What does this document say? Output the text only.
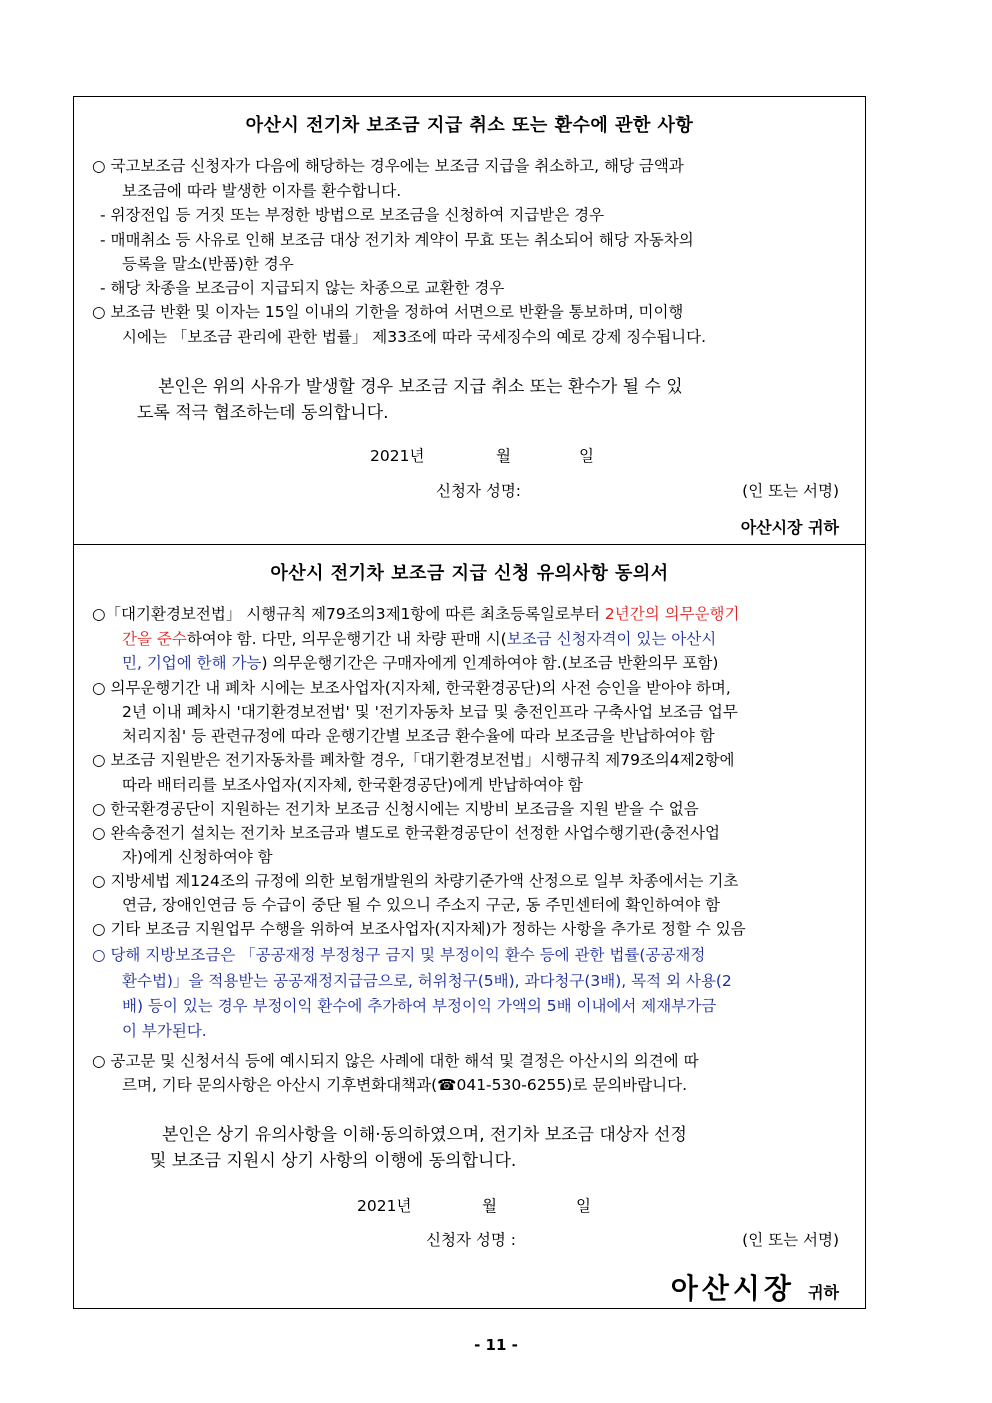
아산시 전기차 보조금 지급 취소 또는 환수에 관한 사항
○ 국고보조금 신청자가 다음에 해당하는 경우에는 보조금 지급을 취소하고, 해당 금액과
보조금에 따라 발생한 이자를 환수합니다.
- 위장전입 등 거짓 또는 부정한 방법으로 보조금을 신청하여 지급받은 경우
- 매매취소 등 사유로 인해 보조금 대상 전기차 계약이 무효 또는 취소되어 해당 자동차의
등록을 말소(반품)한 경우
- 해당 차종을 보조금이 지급되지 않는 차종으로 교환한 경우
○ 보조금 반환 및 이자는 15일 이내의 기한을 정하여 서면으로 반환을 통보하며, 미이행
시에는 「보조금 관리에 관한 법률」 제33조에 따라 국세징수의 예로 강제 징수됩니다.
본인은 위의 사유가 발생할 경우 보조금 지급 취소 또는 환수가 될 수 있
도록 적극 협조하는데 동의합니다.
2021년	월	일
신청자 성명:	(인 또는 서명)
아산시장 귀하
아산시 전기차 보조금 지급 신청 유의사항 동의서
○「대기환경보전법」 시행규칙 제79조의3제1항에 따른 최초등록일로부터 2년간의 의무운행기
간을 준수하여야 함. 다만, 의무운행기간 내 차량 판매 시(보조금 신청자격이 있는 아산시
민, 기업에 한해 가능) 의무운행기간은 구매자에게 인계하여야 함.(보조금 반환의무 포함)
○ 의무운행기간 내 폐차 시에는 보조사업자(지자체, 한국환경공단)의 사전 승인을 받아야 하며,
2년 이내 폐차시 '대기환경보전법' 및 '전기자동차 보급 및 충전인프라 구축사업 보조금 업무
처리지침' 등 관련규정에 따라 운행기간별 보조금 환수율에 따라 보조금을 반납하여야 함
○ 보조금 지원받은 전기자동차를 폐차할 경우,「대기환경보전법」시행규칙 제79조의4제2항에
따라 배터리를 보조사업자(지자체, 한국환경공단)에게 반납하여야 함
○ 한국환경공단이 지원하는 전기차 보조금 신청시에는 지방비 보조금을 지원 받을 수 없음
○ 완속충전기 설치는 전기차 보조금과 별도로 한국환경공단이 선정한 사업수행기관(충전사업
자)에게 신청하여야 함
○ 지방세법 제124조의 규정에 의한 보험개발원의 차량기준가액 산정으로 일부 차종에서는 기초
연금, 장애인연금 등 수급이 중단 될 수 있으니 주소지 구군, 동 주민센터에 확인하여야 함
○ 기타 보조금 지원업무 수행을 위하여 보조사업자(지자체)가 정하는 사항을 추가로 정할 수 있음
○ 당해 지방보조금은 「공공재정 부정청구 금지 및 부정이익 환수 등에 관한 법률(공공재정
환수법)」을 적용받는 공공재정지급금으로, 허위청구(5배), 과다청구(3배), 목적 외 사용(2
배) 등이 있는 경우 부정이익 환수에 추가하여 부정이익 가액의 5배 이내에서 제재부가금
이 부가된다.
○ 공고문 및 신청서식 등에 예시되지 않은 사례에 대한 해석 및 결정은 아산시의 의견에 따
르며, 기타 문의사항은 아산시 기후변화대책과(☎041-530-6255)로 문의바랍니다.
본인은 상기 유의사항을 이해·동의하였으며, 전기차 보조금 대상자 선정
및 보조금 지원시 상기 사항의 이행에 동의합니다.
2021년	월	일
신청자 성명 :	(인 또는 서명)
아산시장 귀하
- 11 -
